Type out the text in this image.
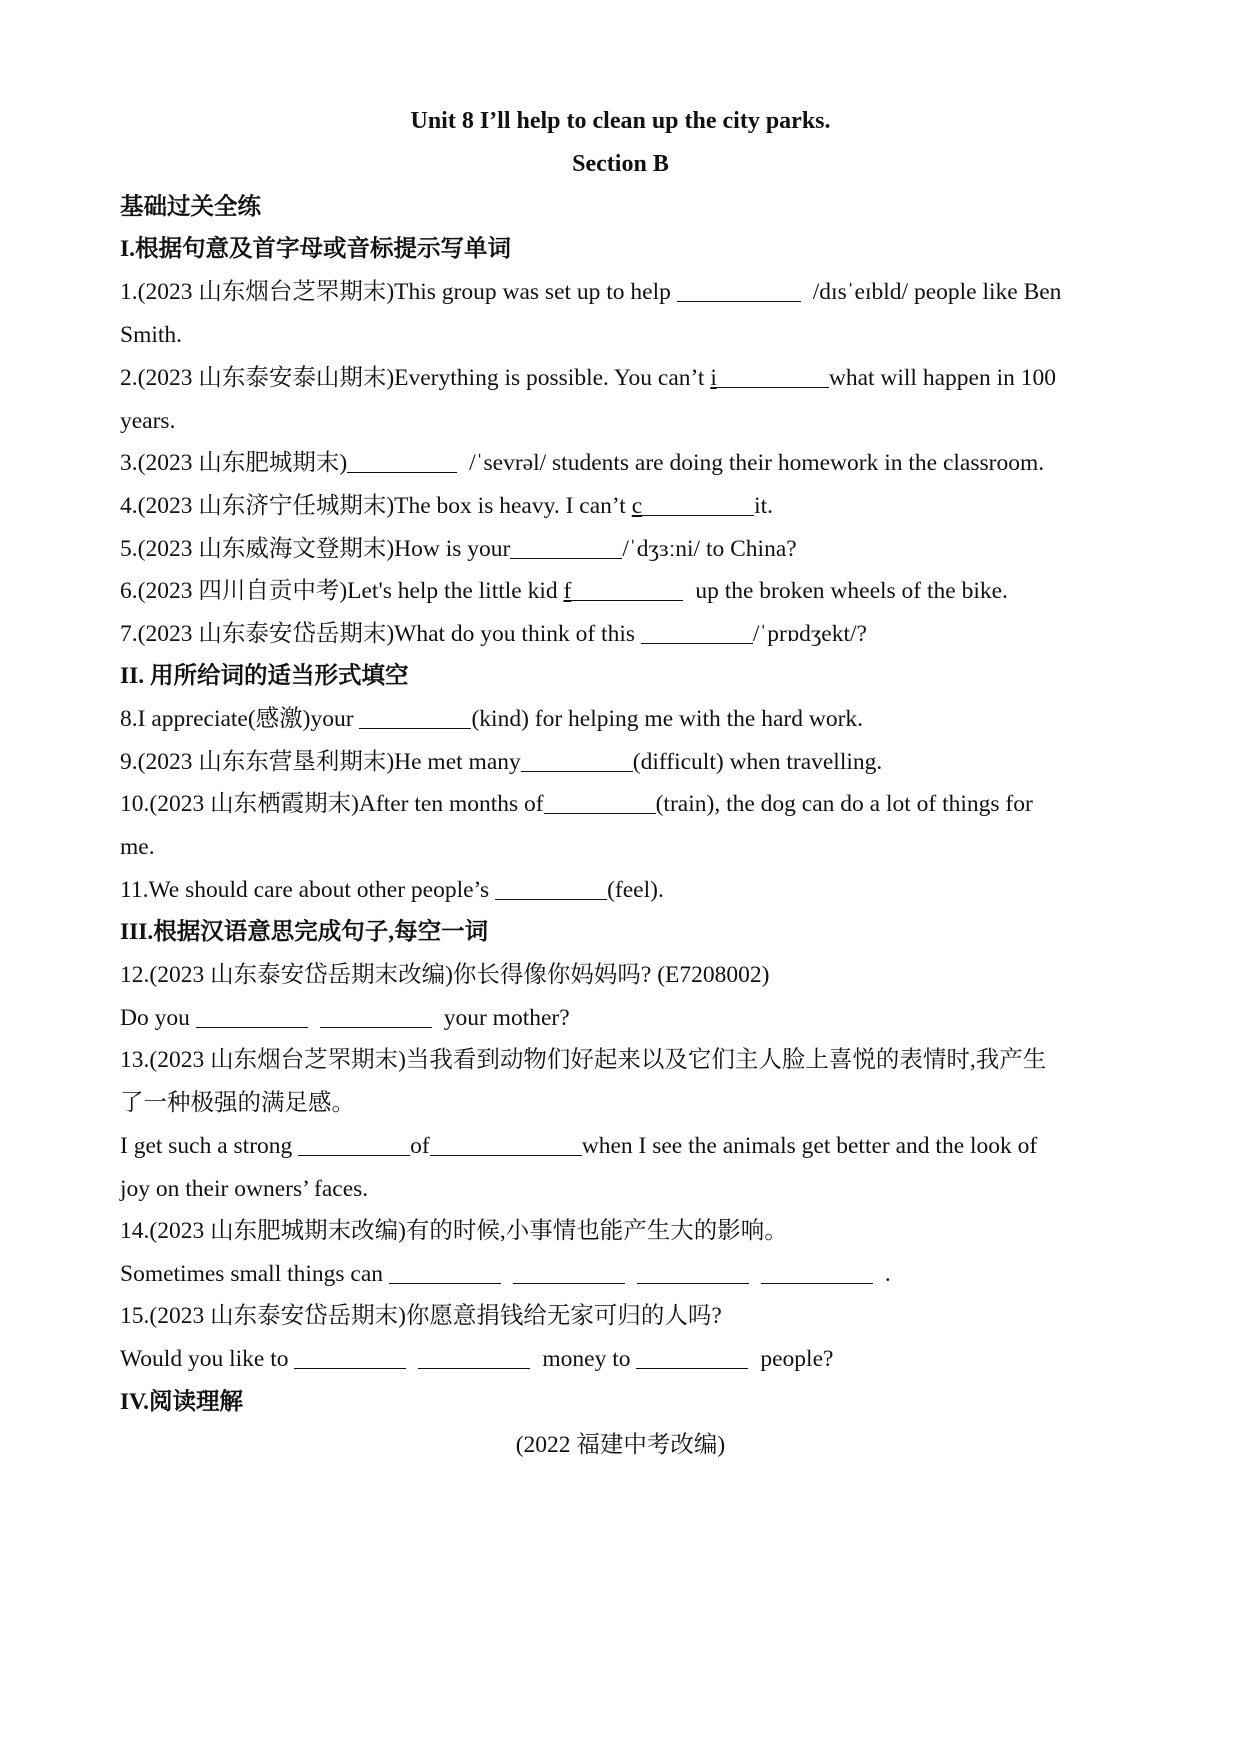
Unit 8 I’ll help to clean up the city parks.
Section B
基础过关全练
I.根据句意及首字母或音标提示写单词
1.(2023 山东烟台芝罘期末)This group was set up to help	/dɪsˈeɪbld/ people like Ben
Smith.
2.(2023 山东泰安泰山期末)Everything is possible. You can’t i	what will happen in 100
years.
3.(2023 山东肥城期末)	/ˈsevrəl/ students are doing their homework in the classroom.
4.(2023 山东济宁任城期末)The box is heavy. I can’t c	it.
5.(2023 山东威海文登期末)How is your	/ˈdʒɜːni/ to China?
6.(2023 四川自贡中考)Let's help the little kid f	up the broken wheels of the bike.
7.(2023 山东泰安岱岳期末)What do you think of this	/ˈprɒdʒekt/?
II. 用所给词的适当形式填空
8.I appreciate(感激)your	(kind) for helping me with the hard work.
9.(2023 山东东营垦利期末)He met many	(difficult) when travelling.
10.(2023 山东栖霞期末)After ten months of	(train), the dog can do a lot of things for
me.
11.We should care about other people’s	(feel).
III.根据汉语意思完成句子,每空一词
12.(2023 山东泰安岱岳期末改编)你长得像你妈妈吗? (E7208002)
Do you	your mother?
13.(2023 山东烟台芝罘期末)当我看到动物们好起来以及它们主人脸上喜悦的表情时,我产生
了一种极强的满足感。
I get such a strong	of	when I see the animals get better and the look of
joy on their owners’ faces.
14.(2023 山东肥城期末改编)有的时候,小事情也能产生大的影响。
Sometimes small things can	.
15.(2023 山东泰安岱岳期末)你愿意捐钱给无家可归的人吗?
Would you like to	money to	people?
IV.阅读理解
(2022 福建中考改编)
